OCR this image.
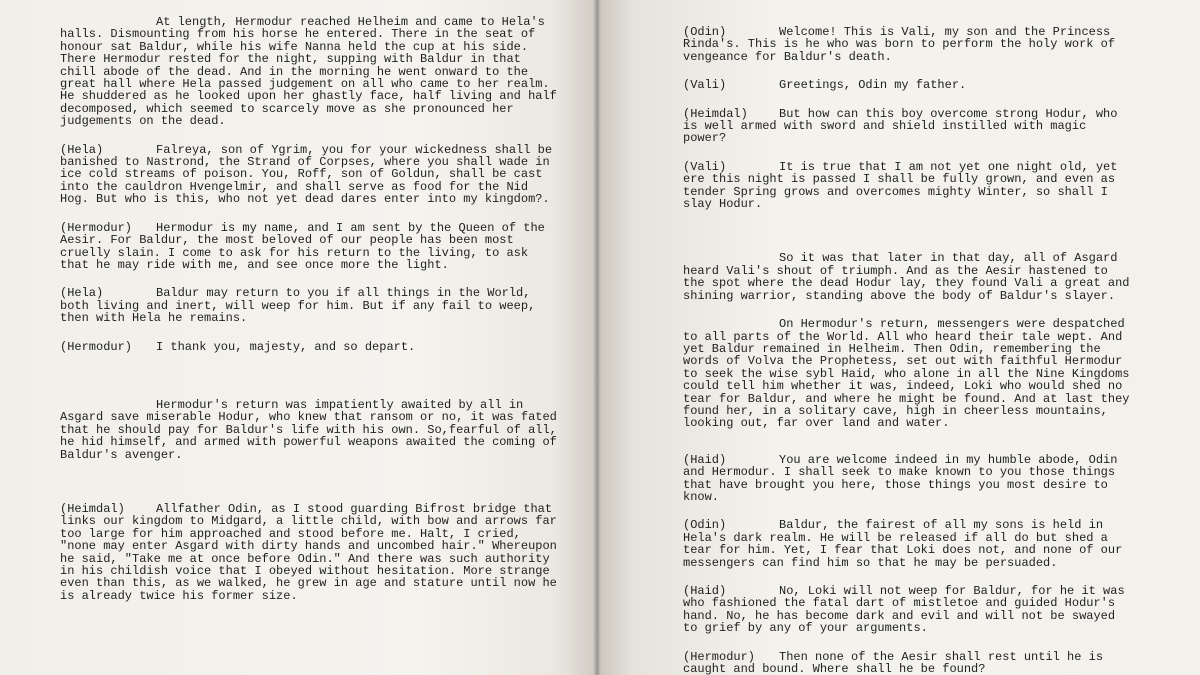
At length, Hermodur reached Helheim and came to Hela's halls. Dismounting from his horse he entered. There in the seat of honour sat Baldur, while his wife Nanna held the cup at his side. There Hermodur rested for the night, supping with Baldur in that chill abode of the dead. And in the morning he went onward to the great hall where Hela passed judgement on all who came to her realm. He shuddered as he looked upon her ghastly face, half living and half decomposed, which seemed to scarcely move as she pronounced her judgements on the dead.

(Hela)	Falreya, son of Ygrim, you for your wickedness shall be banished to Nastrond, the Strand of Corpses, where you shall wade in ice cold streams of poison. You, Roff, son of Goldun, shall be cast into the cauldron Hvengelmir, and shall serve as food for the Nid Hog. But who is this, who not yet dead dares enter into my kingdom?.

(Hermodur) Hermodur is my name, and I am sent by the Queen of the Aesir. For Baldur, the most beloved of our people has been most cruelly slain. I come to ask for his return to the living, to ask that he may ride with me, and see once more the light.

(Hela)	Baldur may return to you if all things in the World, both living and inert, will weep for him. But if any fail to weep, then with Hela he remains.

(Hermodur) I thank you, majesty, and so depart.

Hermodur's return was impatiently awaited by all in Asgard save miserable Hodur, who knew that ransom or no, it was fated that he should pay for Baldur's life with his own. So,fearful of all, he hid himself, and armed with powerful weapons awaited the coming of Baldur's avenger.

(Heimdal)	Allfather Odin, as I stood guarding Bifrost bridge that links our kingdom to Midgard, a little child, with bow and arrows far too large for him approached and stood before me. Halt, I cried, "none may enter Asgard with dirty hands and uncombed hair." Whereupon he said, "Take me at once before Odin." And there was such authority in his childish voice that I obeyed without hesitation. More strange even than this, as we walked, he grew in age and stature until now he is already twice his former size.

(Odin)	Welcome! This is Vali, my son and the Princess Rinda's. This is he who was born to perform the holy work of vengeance for Baldur's death.

(Vali)	Greetings, Odin my father.

(Heimdal)	But how can this boy overcome strong Hodur, who is well armed with sword and shield instilled with magic power?

(Vali)	It is true that I am not yet one night old, yet ere this night is passed I shall be fully grown, and even as tender Spring grows and overcomes mighty Winter, so shall I slay Hodur.

So it was that later in that day, all of Asgard heard Vali's shout of triumph. And as the Aesir hastened to the spot where the dead Hodur lay, they found Vali a great and shining warrior, standing above the body of Baldur's slayer.

On Hermodur's return, messengers were despatched to all parts of the World. All who heard their tale wept. And yet Baldur remained in Helheim. Then Odin, remembering the words of Volva the Prophetess, set out with faithful Hermodur to seek the wise sybl Haid, who alone in all the Nine Kingdoms could tell him whether it was, indeed, Loki who would shed no tear for Baldur, and where he might be found. And at last they found her, in a solitary cave, high in cheerless mountains, looking out, far over land and water.

(Haid)	You are welcome indeed in my humble abode, Odin and Hermodur. I shall seek to make known to you those things that have brought you here, those things you most desire to know.

(Odin)	Baldur, the fairest of all my sons is held in Hela's dark realm. He will be released if all do but shed a tear for him. Yet, I fear that Loki does not, and none of our messengers can find him so that he may be persuaded.

(Haid)	No, Loki will not weep for Baldur, for he it was who fashioned the fatal dart of mistletoe and guided Hodur's hand. No, he has become dark and evil and will not be swayed to grief by any of your arguments.

(Hermodur) Then none of the Aesir shall rest until he is caught and bound. Where shall he be found?
